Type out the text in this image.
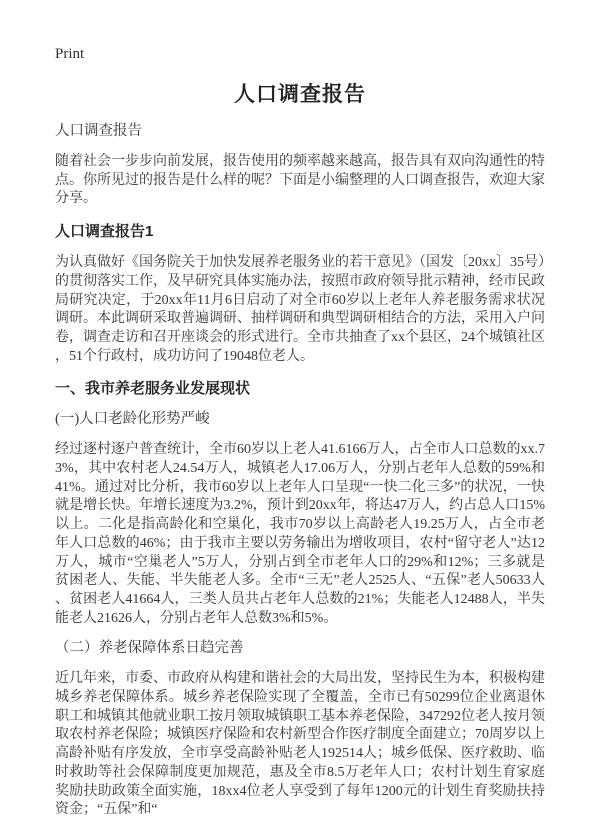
Print
人口调查报告
人口调查报告

随着社会一步步向前发展，报告使用的频率越来越高，报告具有双向沟通性的特点。你所见过的报告是什么样的呢？下面是小编整理的人口调查报告，欢迎大家分享。

人口调查报告1

为认真做好《国务院关于加快发展养老服务业的若干意见》（国发〔20xx〕35号）的贯彻落实工作，及早研究具体实施办法，按照市政府领导批示精神，经市民政局研究决定，于20xx年11月6日启动了对全市60岁以上老年人养老服务需求状况调研。本此调研采取普遍调研、抽样调研和典型调研相结合的方法，采用入户问卷，调查走访和召开座谈会的形式进行。全市共抽查了xx个县区，24个城镇社区，51个行政村，成功访问了19048位老人。

一、我市养老服务业发展现状
(一)人口老龄化形势严峻

经过逐村逐户普查统计，全市60岁以上老人41.6166万人，占全市人口总数的xx.73%，其中农村老人24.54万人，城镇老人17.06万人，分别占老年人总数的59%和41%。通过对比分析，我市60岁以上老年人口呈现“一快二化三多”的状况，一快就是增长快。年增长速度为3.2%，预计到20xx年，将达47万人，约占总人口15%以上。二化是指高龄化和空巢化，我市70岁以上高龄老人19.25万人，占全市老年人口总数的46%；由于我市主要以劳务输出为增收项目，农村“留守老人”达12万人，城市“空巢老人”5万人，分别占到全市老年人口的29%和12%；三多就是贫困老人、失能、半失能老人多。全市“三无”老人2525人、“五保”老人50633人、贫困老人41664人，三类人员共占老年人总数的21%；失能老人12488人，半失能老人21626人，分别占老年人总数3%和5%。

（二）养老保障体系日趋完善

近几年来，市委、市政府从构建和谐社会的大局出发，坚持民生为本，积极构建城乡养老保障体系。城乡养老保险实现了全覆盖，全市已有50299位企业离退休职工和城镇其他就业职工按月领取城镇职工基本养老保险，347292位老人按月领取农村养老保险；城镇医疗保险和农村新型合作医疗制度全面建立；70周岁以上高龄补贴有序发放，全市享受高龄补贴老人192514人；城乡低保、医疗救助、临时救助等社会保障制度更加规范，惠及全市8.5万老年人口；农村计划生育家庭奖励扶助政策全面实施，18xx4位老人享受到了每年1200元的计划生育奖励扶持资金；“五保”和“
